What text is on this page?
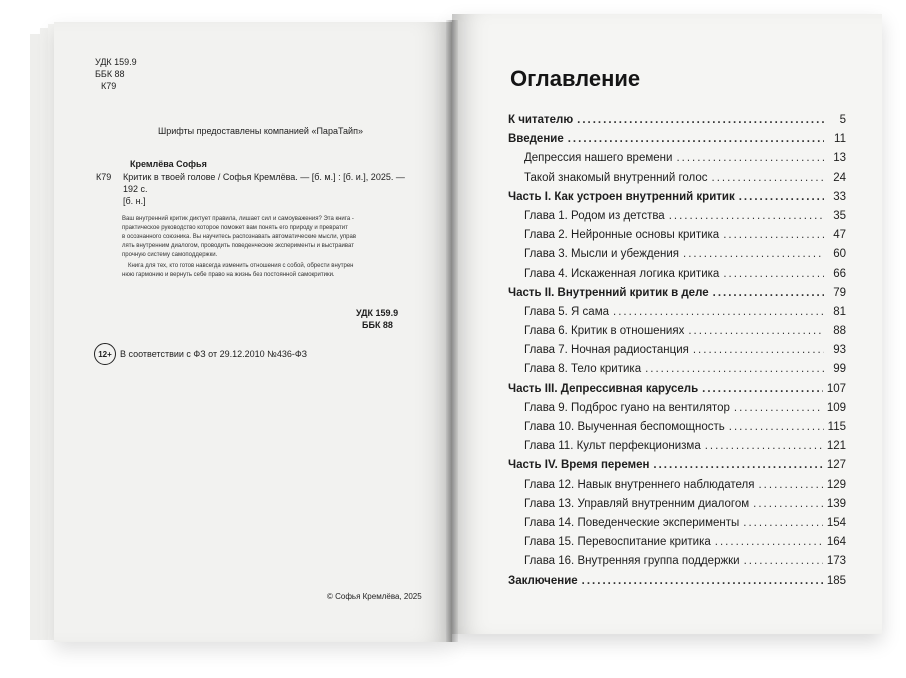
УДК 159.9
ББК 88
К79
Шрифты предоставлены компанией «ПараТайп»
Кремлёва Софья
К79 Критик в твоей голове / Софья Кремлёва. — [б. м.] : [б. и.], 2025. —
192 с.
[б. н.]
Ваш внутренний критик диктует правила, лишает сил и самоуважения? Эта книга -
практическое руководство которое поможет вам понять его природу и превратит
в осознанного союзника. Вы научитесь распознавать автоматические мысли, управ
лять внутренним диалогом, проводить поведенческие эксперименты и выстраиват
прочную систему самоподдержки.
Книга для тех, кто готов навсегда изменить отношения с собой, обрести внутрен
нюю гармонию и вернуть себе право на жизнь без постоянной самокритики.
УДК 159.9
ББК 88
12+ В соответствии с ФЗ от 29.12.2010 №436-ФЗ
© Софья Кремлёва, 2025
Оглавление
К читателю .....	5
Введение .....	11
Депрессия нашего времени .....	13
Такой знакомый внутренний голос .....	24
Часть I. Как устроен внутренний критик .....	33
Глава 1. Родом из детства .....	35
Глава 2. Нейронные основы критика .....	47
Глава 3. Мысли и убеждения .....	60
Глава 4. Искаженная логика критика .....	66
Часть II. Внутренний критик в деле .....	79
Глава 5. Я сама .....	81
Глава 6. Критик в отношениях .....	88
Глава 7. Ночная радиостанция .....	93
Глава 8. Тело критика .....	99
Часть III. Депрессивная карусель .....	107
Глава 9. Подброс гуано на вентилятор .....	109
Глава 10. Выученная беспомощность .....	115
Глава 11. Культ перфекционизма .....	121
Часть IV. Время перемен .....	127
Глава 12. Навык внутреннего наблюдателя .....	129
Глава 13. Управляй внутренним диалогом .....	139
Глава 14. Поведенческие эксперименты .....	154
Глава 15. Перевоспитание критика .....	164
Глава 16. Внутренняя группа поддержки .....	173
Заключение .....	185
